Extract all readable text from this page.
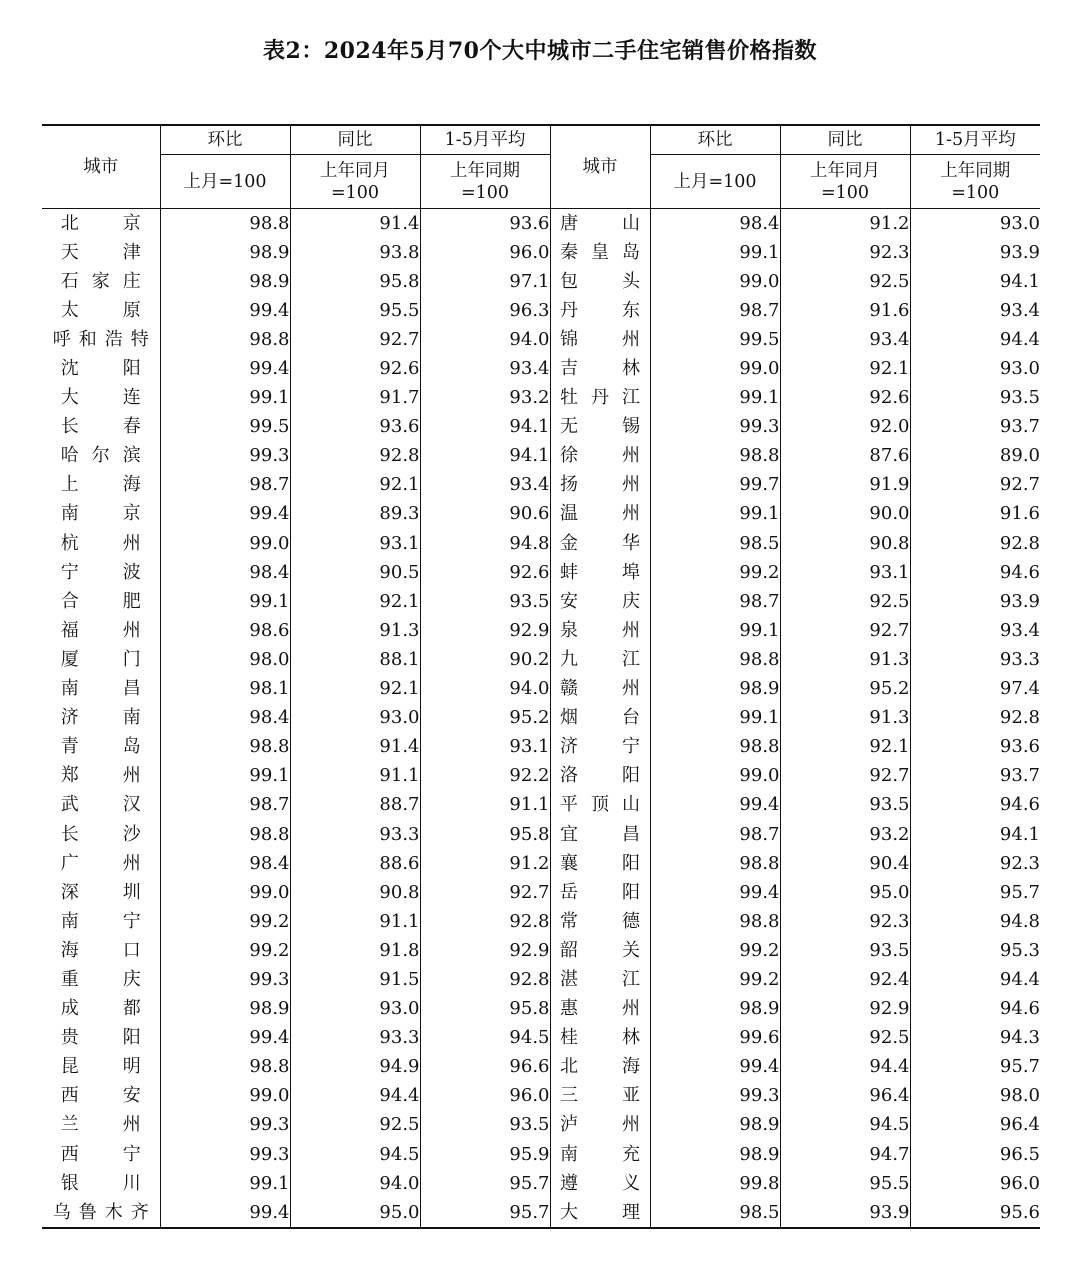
表2：2024年5月70个大中城市二手住宅销售价格指数
城市	环比	同比	1-5月平均	城市	环比	同比	1-5月平均
	上月=100	上年同月=100	上年同期=100		上月=100	上年同月=100	上年同期=100

北京	98.8	91.4	93.6	唐山	98.4	91.2	93.0
天津	98.9	93.8	96.0	秦皇岛	99.1	92.3	93.9
石家庄	98.9	95.8	97.1	包头	99.0	92.5	94.1
太原	99.4	95.5	96.3	丹东	98.7	91.6	93.4
呼和浩特	98.8	92.7	94.0	锦州	99.5	93.4	94.4
沈阳	99.4	92.6	93.4	吉林	99.0	92.1	93.0
大连	99.1	91.7	93.2	牡丹江	99.1	92.6	93.5
长春	99.5	93.6	94.1	无锡	99.3	92.0	93.7
哈尔滨	99.3	92.8	94.1	徐州	98.8	87.6	89.0
上海	98.7	92.1	93.4	扬州	99.7	91.9	92.7
南京	99.4	89.3	90.6	温州	99.1	90.0	91.6
杭州	99.0	93.1	94.8	金华	98.5	90.8	92.8
宁波	98.4	90.5	92.6	蚌埠	99.2	93.1	94.6
合肥	99.1	92.1	93.5	安庆	98.7	92.5	93.9
福州	98.6	91.3	92.9	泉州	99.1	92.7	93.4
厦门	98.0	88.1	90.2	九江	98.8	91.3	93.3
南昌	98.1	92.1	94.0	赣州	98.9	95.2	97.4
济南	98.4	93.0	95.2	烟台	99.1	91.3	92.8
青岛	98.8	91.4	93.1	济宁	98.8	92.1	93.6
郑州	99.1	91.1	92.2	洛阳	99.0	92.7	93.7
武汉	98.7	88.7	91.1	平顶山	99.4	93.5	94.6
长沙	98.8	93.3	95.8	宜昌	98.7	93.2	94.1
广州	98.4	88.6	91.2	襄阳	98.8	90.4	92.3
深圳	99.0	90.8	92.7	岳阳	99.4	95.0	95.7
南宁	99.2	91.1	92.8	常德	98.8	92.3	94.8
海口	99.2	91.8	92.9	韶关	99.2	93.5	95.3
重庆	99.3	91.5	92.8	湛江	99.2	92.4	94.4
成都	98.9	93.0	95.8	惠州	98.9	92.9	94.6
贵阳	99.4	93.3	94.5	桂林	99.6	92.5	94.3
昆明	98.8	94.9	96.6	北海	99.4	94.4	95.7
西安	99.0	94.4	96.0	三亚	99.3	96.4	98.0
兰州	99.3	92.5	93.5	泸州	98.9	94.5	96.4
西宁	99.3	94.5	95.9	南充	98.9	94.7	96.5
银川	99.1	94.0	95.7	遵义	99.8	95.5	96.0
乌鲁木齐	99.4	95.0	95.7	大理	98.5	93.9	95.6
